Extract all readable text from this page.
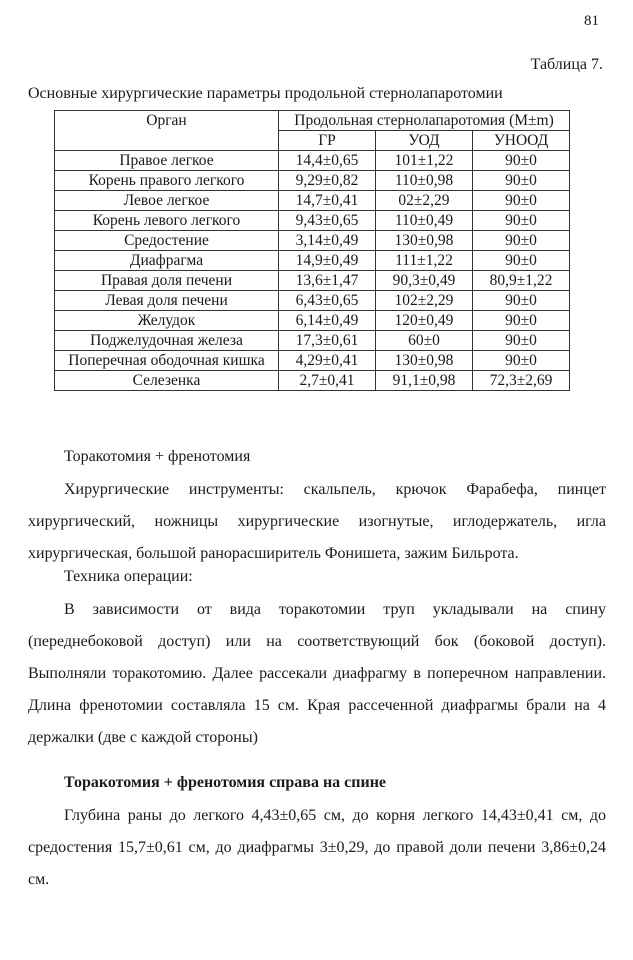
81
Таблица 7.
Основные хирургические параметры продольной стернолапаротомии
Орган	Продольная стернолапаротомия (M±m)		
	ГР	УОД	УНООД
Правое легкое	14,4±0,65	101±1,22	90±0
Корень правого легкого	9,29±0,82	110±0,98	90±0
Левое легкое	14,7±0,41	02±2,29	90±0
Корень левого легкого	9,43±0,65	110±0,49	90±0
Средостение	3,14±0,49	130±0,98	90±0
Диафрагма	14,9±0,49	111±1,22	90±0
Правая доля печени	13,6±1,47	90,3±0,49	80,9±1,22
Левая доля печени	6,43±0,65	102±2,29	90±0
Желудок	6,14±0,49	120±0,49	90±0
Поджелудочная железа	17,3±0,61	60±0	90±0
Поперечная ободочная кишка	4,29±0,41	130±0,98	90±0
Селезенка	2,7±0,41	91,1±0,98	72,3±2,69
Торакотомия + френотомия
Хирургические инструменты: скальпель, крючок Фарабефа, пинцет хирургический, ножницы хирургические изогнутые, иглодержатель, игла хирургическая, большой ранорасширитель Фонишета, зажим Бильрота.
Техника операции:
В зависимости от вида торакотомии труп укладывали на спину (переднебоковой доступ) или на соответствующий бок (боковой доступ). Выполняли торакотомию. Далее рассекали диафрагму в поперечном направлении. Длина френотомии составляла 15 см. Края рассеченной диафрагмы брали на 4 держалки (две с каждой стороны)
Торакотомия + френотомия справа на спине
Глубина раны до легкого 4,43±0,65 см, до корня легкого 14,43±0,41 см, до средостения 15,7±0,61 см, до диафрагмы 3±0,29, до правой доли печени 3,86±0,24 см.
